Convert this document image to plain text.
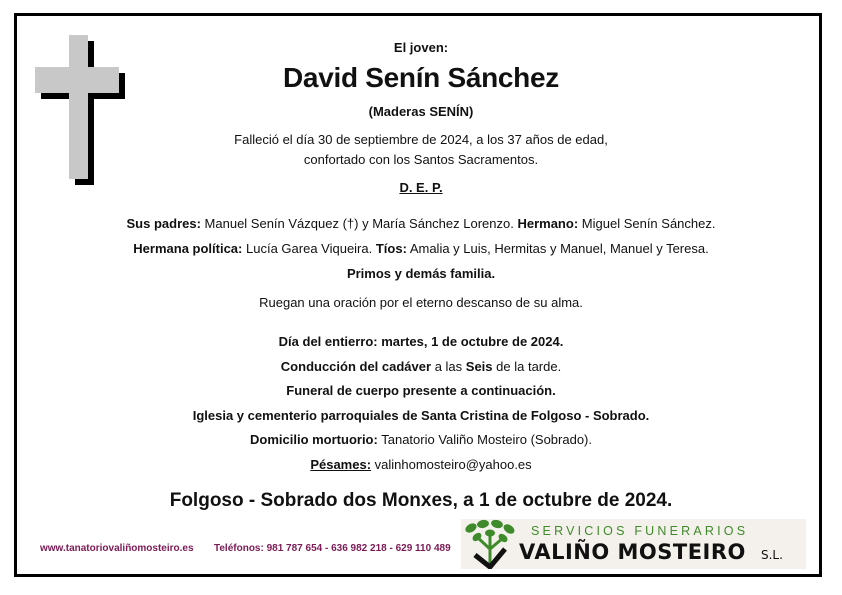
El joven:
David Senín Sánchez
(Maderas SENÍN)
Falleció el día 30 de septiembre de 2024, a los 37 años de edad,
confortado con los Santos Sacramentos.
D. E. P.
Sus padres: Manuel Senín Vázquez (†) y María Sánchez Lorenzo. Hermano: Miguel Senín Sánchez.
Hermana política: Lucía Garea Viqueira. Tíos: Amalia y Luis, Hermitas y Manuel, Manuel y Teresa.
Primos y demás familia.
Ruegan una oración por el eterno descanso de su alma.
Día del entierro: martes, 1 de octubre de 2024.
Conducción del cadáver a las Seis de la tarde.
Funeral de cuerpo presente a continuación.
Iglesia y cementerio parroquiales de Santa Cristina de Folgoso - Sobrado.
Domicilio mortuorio: Tanatorio Valiño Mosteiro (Sobrado).
Pésames: valinhomosteiro@yahoo.es
Folgoso - Sobrado dos Monxes, a 1 de octubre de 2024.
www.tanatoriovaliñomosteiro.es Teléfonos: 981 787 654 - 636 982 218 - 629 110 489
SERVICIOS FUNERARIOS
VALIÑO MOSTEIRO S.L.
